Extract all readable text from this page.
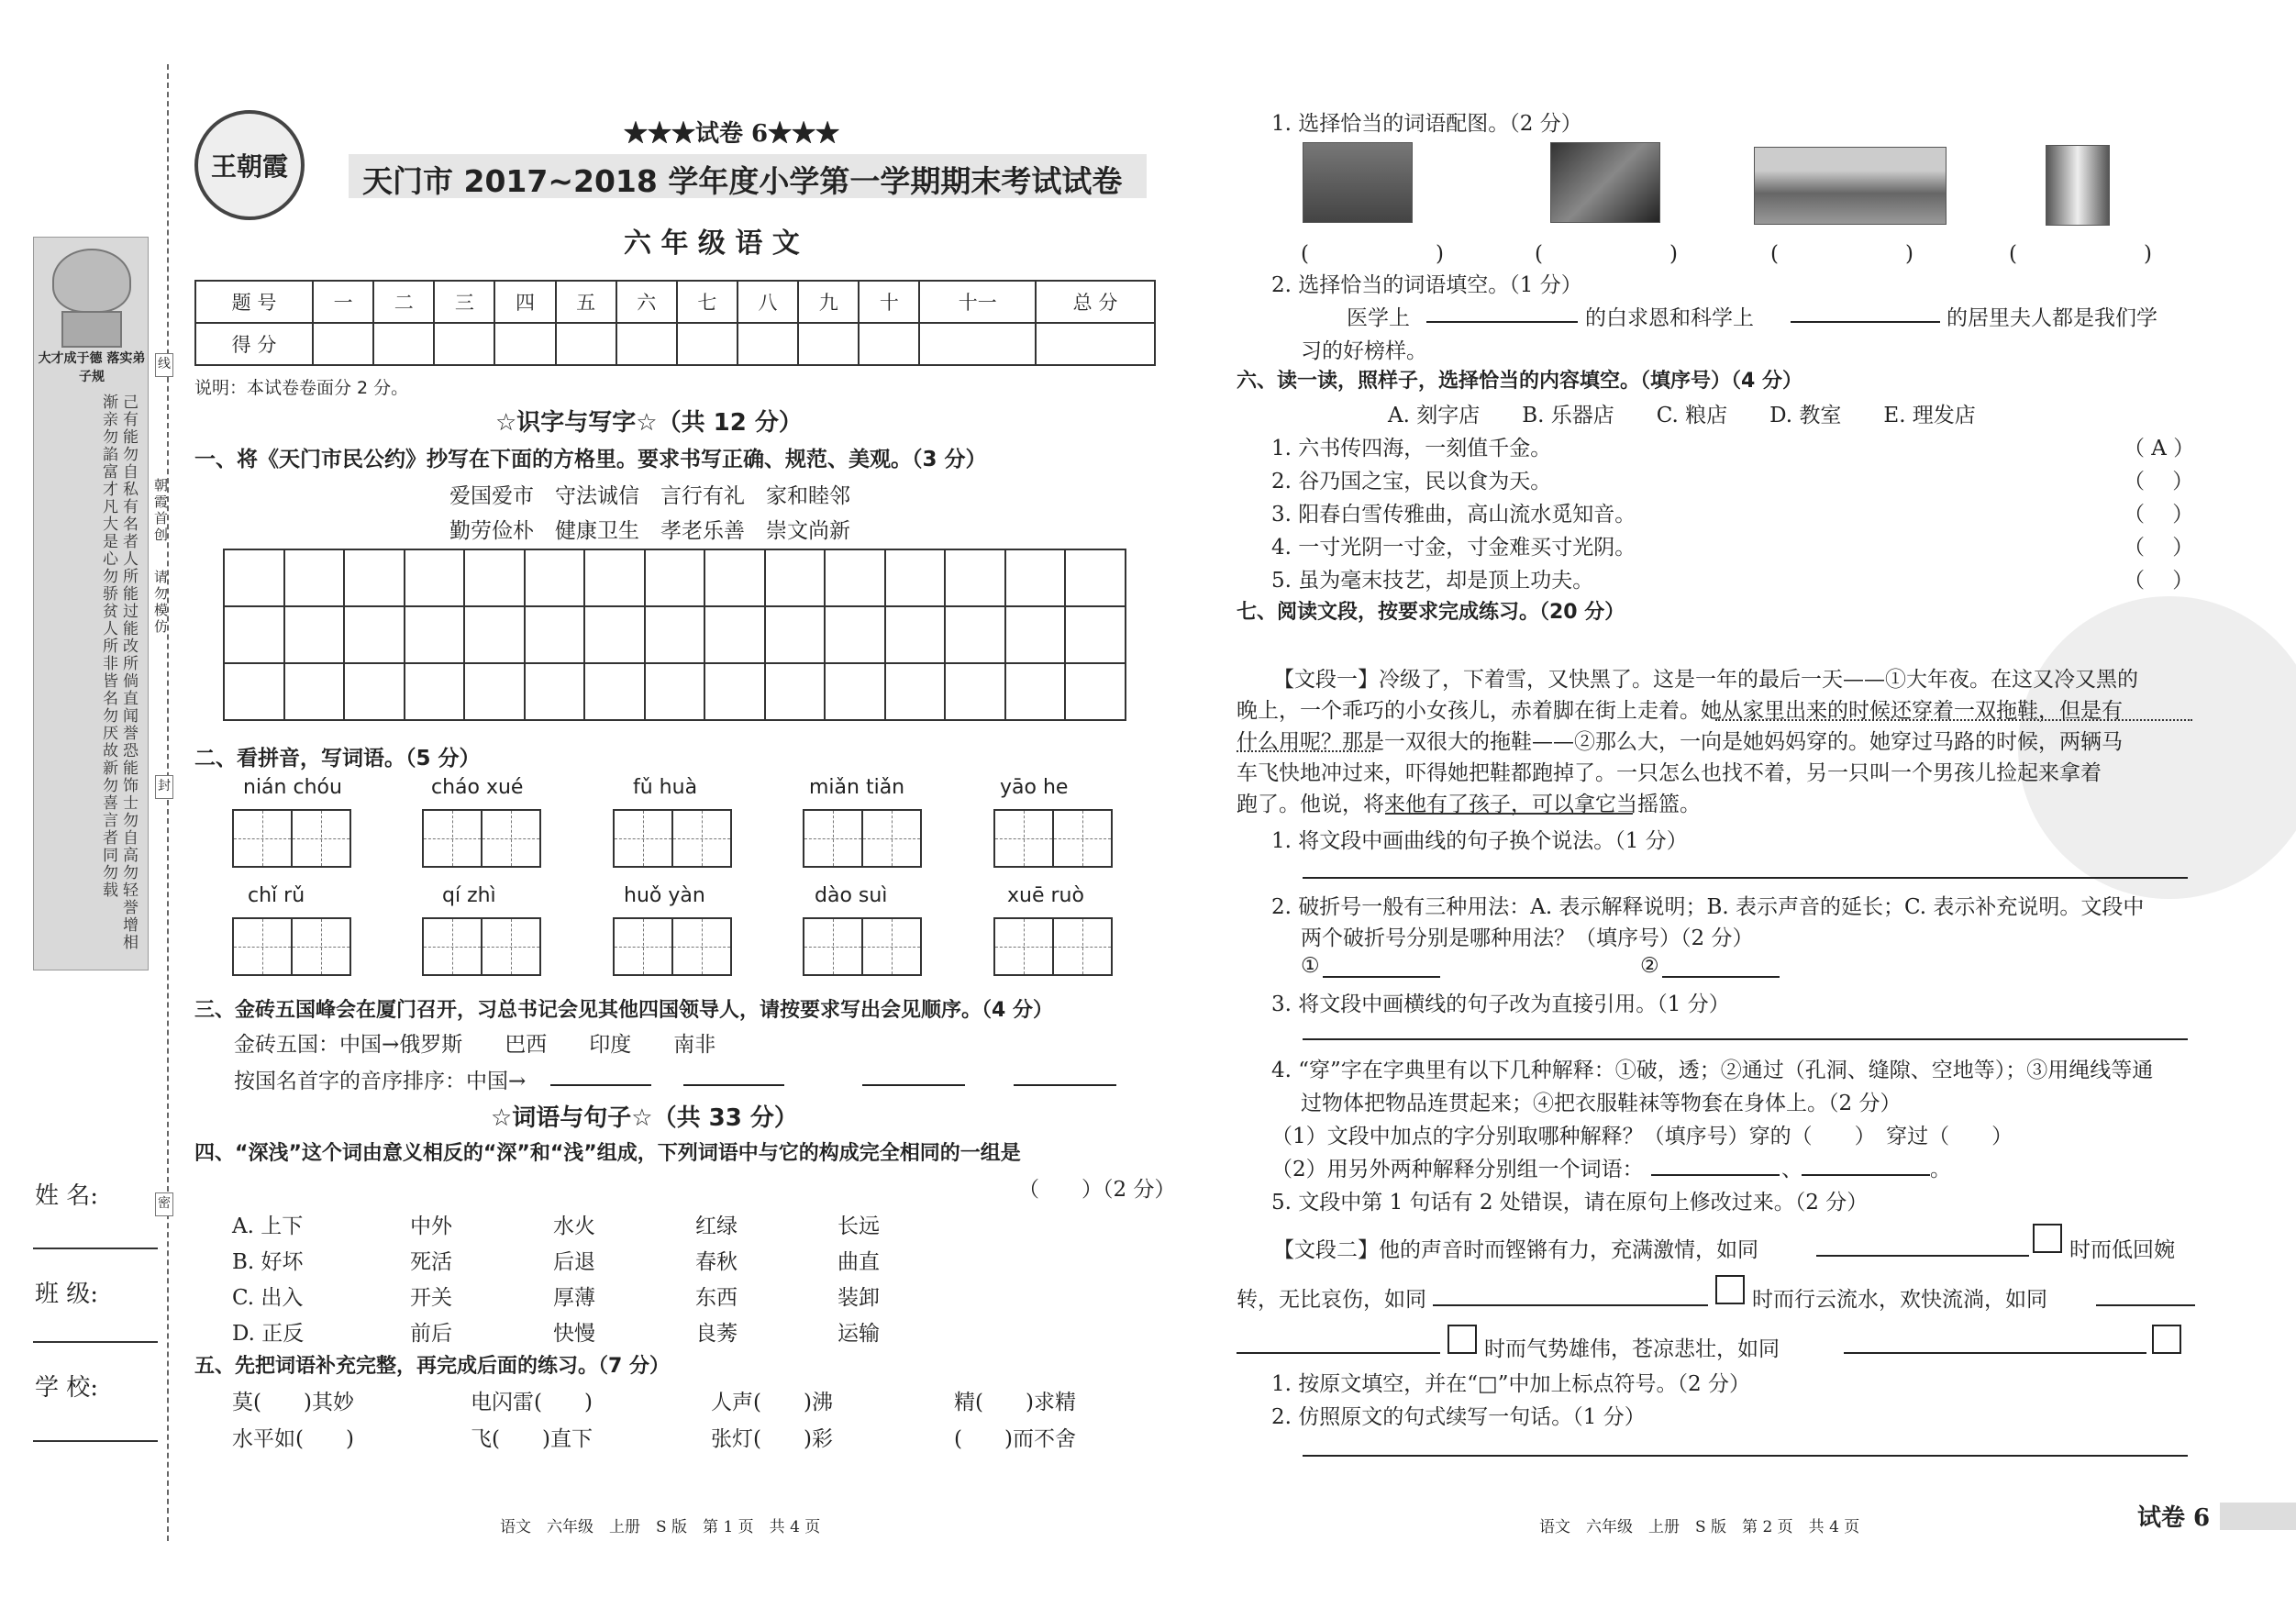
大才成于德 落实弟子规
己有能勿自私有名者人所能过能改所倘直闻誉恐能饰士勿自高勿轻誉增相渐亲勿諂富才凡大是心勿骄贫人所非皆名勿厌故新勿喜言者同勿载
线
封
密
朝霞首创
请勿模仿
姓 名:
班 级:
学 校:
王朝霞
★★★试卷 6★★★
天门市 2017~2018 学年度小学第一学期期末考试试卷
六 年 级 语 文
题 号	一	二	三	四	五	六	七	八	九	十	十一	总 分
得 分												
说明：本试卷卷面分 2 分。
☆识字与写字☆（共 12 分）
一、将《天门市民公约》抄写在下面的方格里。要求书写正确、规范、美观。（3 分）
爱国爱市　守法诚信　言行有礼　家和睦邻
勤劳俭朴　健康卫生　孝老乐善　崇文尚新
二、看拼音，写词语。（5 分）
nián chóu	cháo xué	fǔ huà	miǎn tiǎn	yāo he
chǐ rǔ	qí zhì	huǒ yàn	dào suì	xuē ruò
三、金砖五国峰会在厦门召开，习总书记会见其他四国领导人，请按要求写出会见顺序。（4 分）
金砖五国：中国→俄罗斯　　巴西　　印度　　南非
按国名首字的音序排序：中国→
☆词语与句子☆（共 33 分）
四、“深浅”这个词由意义相反的“深”和“浅”组成，下列词语中与它的构成完全相同的一组是
（　　）（2 分）
A. 上下	中外	水火	红绿	长远
B. 好坏	死活	后退	春秋	曲直
C. 出入	开关	厚薄	东西	装卸
D. 正反	前后	快慢	良莠	运输
五、先把词语补充完整，再完成后面的练习。（7 分）
莫(　　)其妙	电闪雷(　　)	人声(　　)沸	精(　　)求精
水平如(　　)	飞(　　)直下	张灯(　　)彩	(　　)而不舍
语文　六年级　上册　S 版　第 1 页　共 4 页
1. 选择恰当的词语配图。（2 分）
(　　　　　　)	(　　　　　　)	(　　　　　　)	(　　　　　　)
2. 选择恰当的词语填空。（1 分）
医学上	的白求恩和科学上	的居里夫人都是我们学
习的好榜样。
六、读一读，照样子，选择恰当的内容填空。（填序号）（4 分）
A. 刻字店　　B. 乐器店　　C. 粮店　　D. 教室　　E. 理发店
1. 六书传四海，一刻值千金。	（ A ）
2. 谷乃国之宝，民以食为天。	（　 ）
3. 阳春白雪传雅曲，高山流水觅知音。	（　 ）
4. 一寸光阴一寸金，寸金难买寸光阴。	（　 ）
5. 虽为毫末技艺，却是顶上功夫。	（　 ）
七、阅读文段，按要求完成练习。（20 分）
【文段一】冷级了，下着雪，又快黑了。这是一年的最后一天——①大年夜。在这又冷又黑的
晚上，一个乖巧的小女孩儿，赤着脚在街上走着。她从家里出来的时候还穿着一双拖鞋，但是有
什么用呢？那是一双很大的拖鞋——②那么大，一向是她妈妈穿的。她穿过马路的时候，两辆马
车飞快地冲过来，吓得她把鞋都跑掉了。一只怎么也找不着，另一只叫一个男孩儿捡起来拿着
跑了。他说，将来他有了孩子，可以拿它当摇篮。
1. 将文段中画曲线的句子换个说法。（1 分）
2. 破折号一般有三种用法：A. 表示解释说明；B. 表示声音的延长；C. 表示补充说明。文段中
两个破折号分别是哪种用法？（填序号）（2 分）
①	②
3. 将文段中画横线的句子改为直接引用。（1 分）
4. “穿”字在字典里有以下几种解释：①破，透；②通过（孔洞、缝隙、空地等）；③用绳线等通
过物体把物品连贯起来；④把衣服鞋袜等物套在身体上。（2 分）
（1）文段中加点的字分别取哪种解释？（填序号）穿的（　　）　穿过（　　）
（2）用另外两种解释分别组一个词语：	、	。
5. 文段中第 1 句话有 2 处错误，请在原句上修改过来。（2 分）
【文段二】他的声音时而铿锵有力，充满激情，如同	时而低回婉
转，无比哀伤，如同	时而行云流水，欢快流淌，如同
时而气势雄伟，苍凉悲壮，如同
1. 按原文填空，并在“□”中加上标点符号。（2 分）
2. 仿照原文的句式续写一句话。（1 分）
语文　六年级　上册　S 版　第 2 页　共 4 页	试卷 6
